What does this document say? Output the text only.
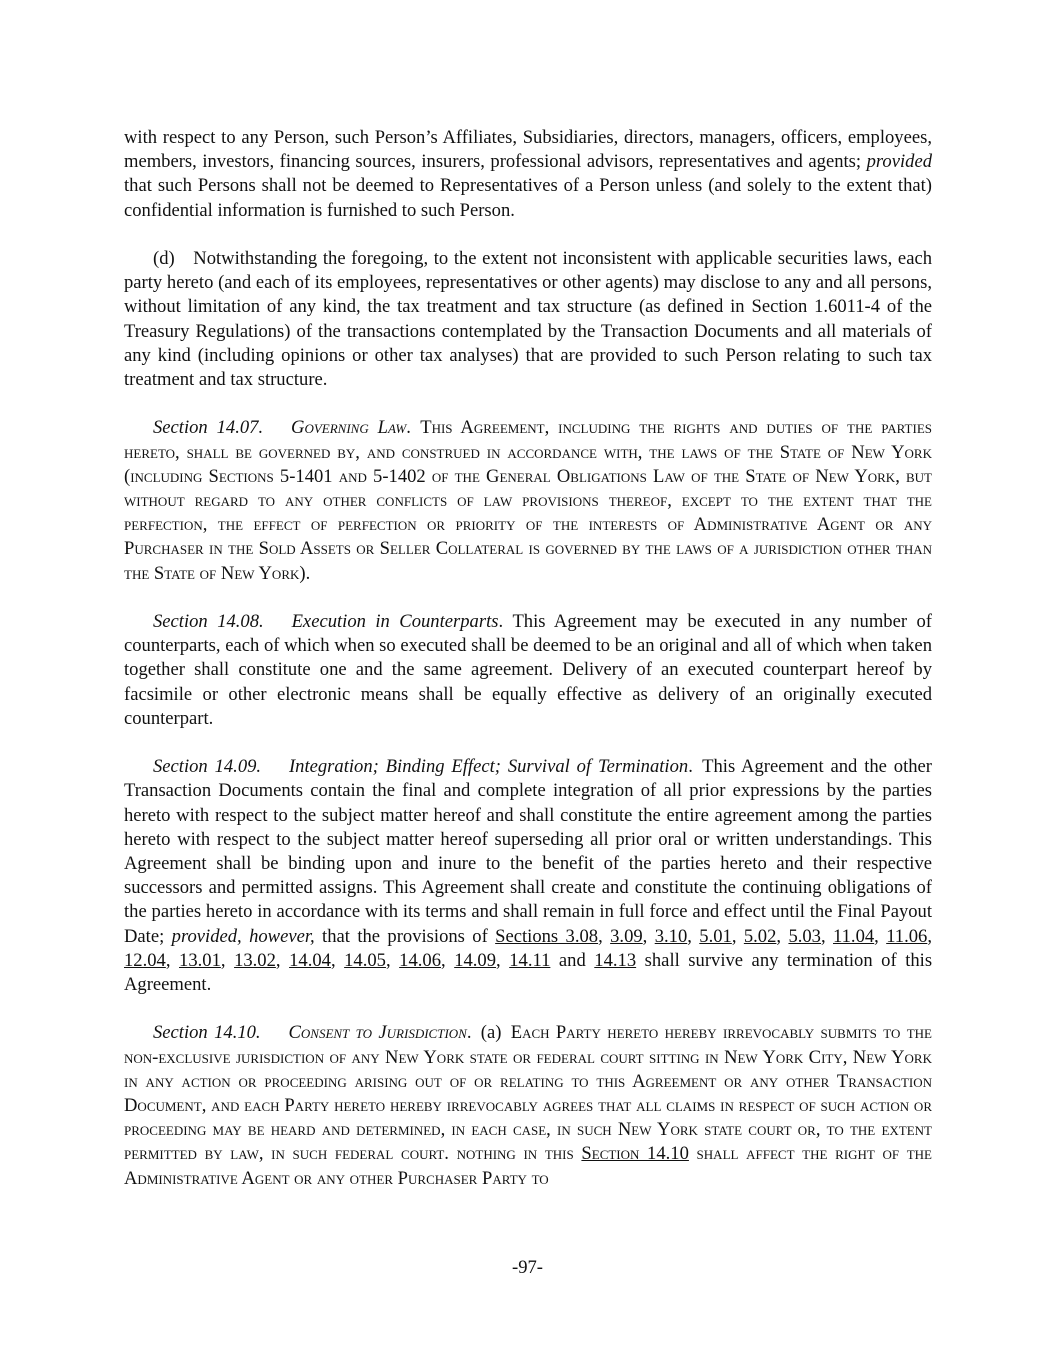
with respect to any Person, such Person’s Affiliates, Subsidiaries, directors, managers, officers, employees, members, investors, financing sources, insurers, professional advisors, representatives and agents; provided that such Persons shall not be deemed to Representatives of a Person unless (and solely to the extent that) confidential information is furnished to such Person.

(d) Notwithstanding the foregoing, to the extent not inconsistent with applicable securities laws, each party hereto (and each of its employees, representatives or other agents) may disclose to any and all persons, without limitation of any kind, the tax treatment and tax structure (as defined in Section 1.6011-4 of the Treasury Regulations) of the transactions contemplated by the Transaction Documents and all materials of any kind (including opinions or other tax analyses) that are provided to such Person relating to such tax treatment and tax structure.

Section 14.07.   Governing Law. This Agreement, including the rights and duties of the parties hereto, shall be governed by, and construed in accordance with, the laws of the State of New York (including Sections 5-1401 and 5-1402 of the General Obligations Law of the State of New York, but without regard to any other conflicts of law provisions thereof, except to the extent that the perfection, the effect of perfection or priority of the interests of Administrative Agent or any Purchaser in the Sold Assets or Seller Collateral is governed by the laws of a jurisdiction other than the State of New York).

Section 14.08.   Execution in Counterparts. This Agreement may be executed in any number of counterparts, each of which when so executed shall be deemed to be an original and all of which when taken together shall constitute one and the same agreement. Delivery of an executed counterpart hereof by facsimile or other electronic means shall be equally effective as delivery of an originally executed counterpart.

Section 14.09.   Integration; Binding Effect; Survival of Termination. This Agreement and the other Transaction Documents contain the final and complete integration of all prior expressions by the parties hereto with respect to the subject matter hereof and shall constitute the entire agreement among the parties hereto with respect to the subject matter hereof superseding all prior oral or written understandings. This Agreement shall be binding upon and inure to the benefit of the parties hereto and their respective successors and permitted assigns. This Agreement shall create and constitute the continuing obligations of the parties hereto in accordance with its terms and shall remain in full force and effect until the Final Payout Date; provided, however, that the provisions of Sections 3.08, 3.09, 3.10, 5.01, 5.02, 5.03, 11.04, 11.06, 12.04, 13.01, 13.02, 14.04, 14.05, 14.06, 14.09, 14.11 and 14.13 shall survive any termination of this Agreement.

Section 14.10.   Consent to Jurisdiction. (a)  Each Party hereto hereby irrevocably submits to the non-exclusive jurisdiction of any New York state or federal court sitting in New York City, New York in any action or proceeding arising out of or relating to this Agreement or any other Transaction Document, and each Party hereto hereby irrevocably agrees that all claims in respect of such action or proceeding may be heard and determined, in each case, in such New York state court or, to the extent permitted by law, in such federal court. nothing in this Section 14.10 shall affect the right of the Administrative Agent or any other Purchaser Party to

-97-
